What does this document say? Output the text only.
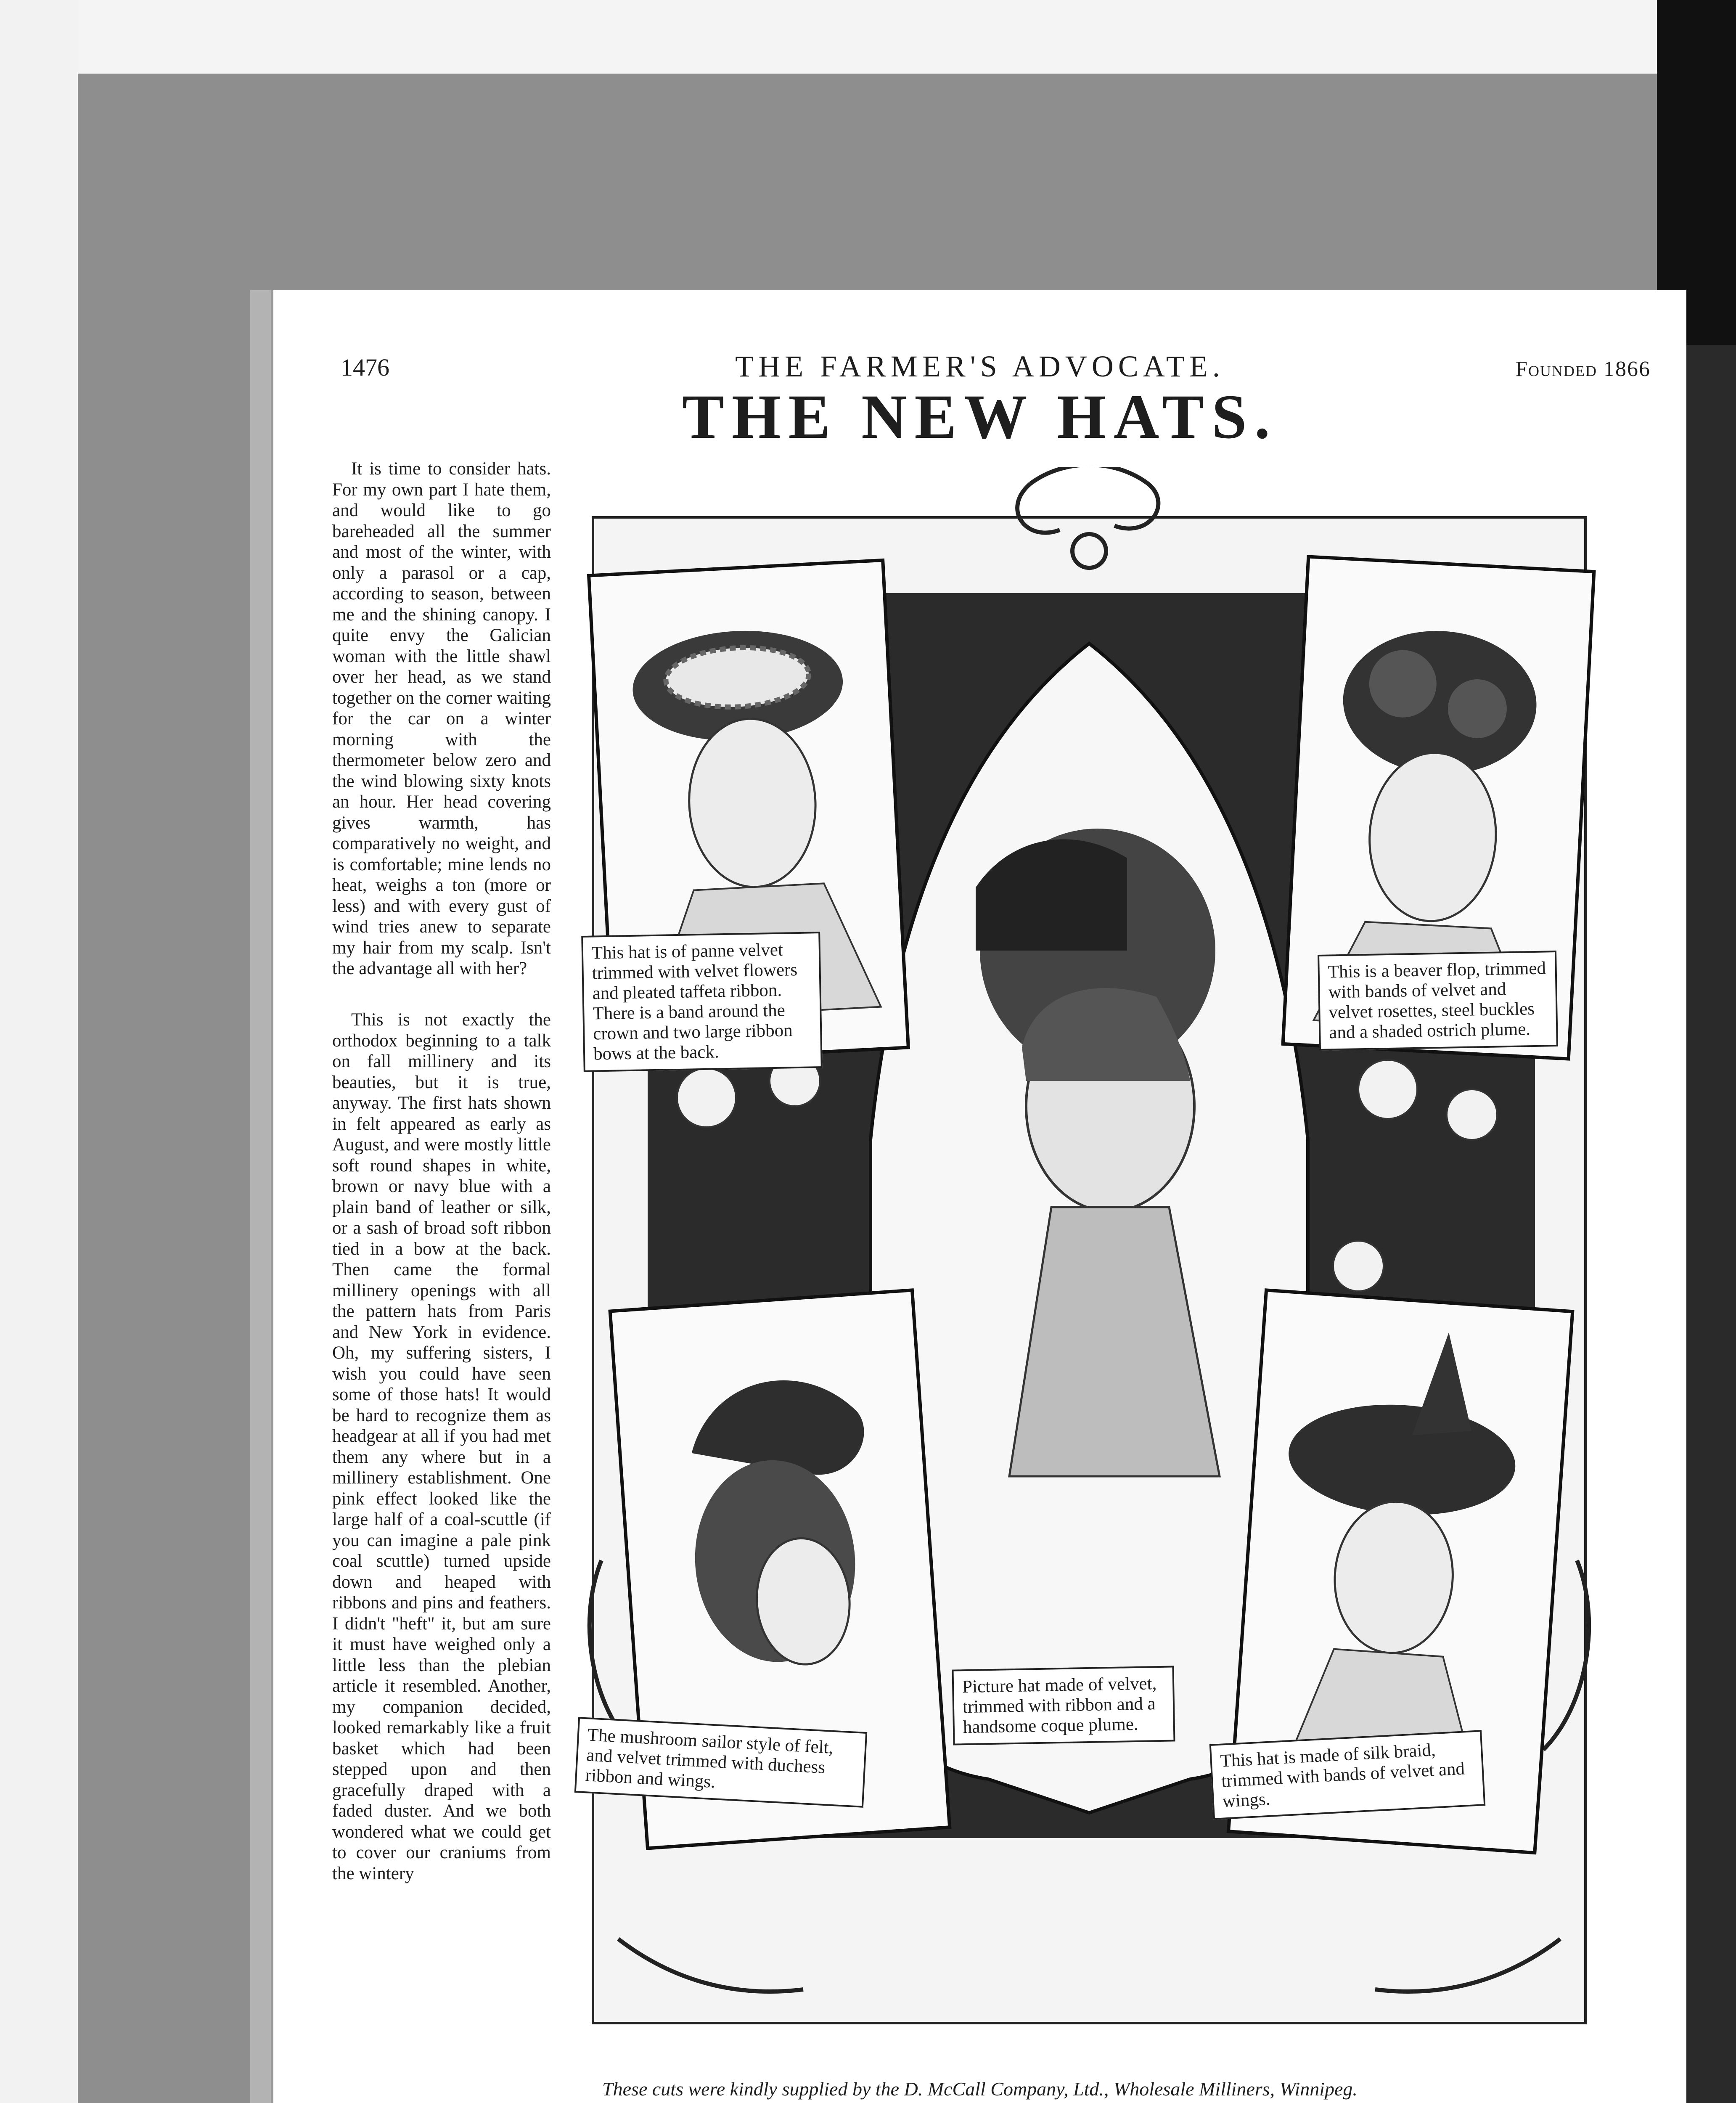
1476	THE FARMER'S ADVOCATE.	Founded 1866
THE NEW HATS.
It is time to consider hats. For my own part I hate them, and would like to go bareheaded all the summer and most of the winter, with only a parasol or a cap, according to season, between me and the shining canopy. I quite envy the Galician woman with the little shawl over her head, as we stand together on the corner waiting for the car on a winter morning with the thermometer below zero and the wind blowing sixty knots an hour. Her head covering gives warmth, has comparatively no weight, and is comfortable; mine lends no heat, weighs a ton (more or less) and with every gust of wind tries anew to separate my hair from my scalp. Isn't the advantage all with her?
This is not exactly the orthodox beginning to a talk on fall millinery and its beauties, but it is true, anyway. The first hats shown in felt appeared as early as August, and were mostly little soft round shapes in white, brown or navy blue with a plain band of leather or silk, or a sash of broad soft ribbon tied in a bow at the back. Then came the formal millinery openings with all the pattern hats from Paris and New York in evidence. Oh, my suffering sisters, I wish you could have seen some of those hats! It would be hard to recognize them as headgear at all if you had met them any where but in a millinery establishment. One pink effect looked like the large half of a coal-scuttle (if you can imagine a pale pink coal scuttle) turned upside down and heaped with ribbons and pins and feathers. I didn't "heft" it, but am sure it must have weighed only a little less than the plebian article it resembled. Another, my companion decided, looked remarkably like a fruit basket which had been stepped upon and then gracefully draped with a faded duster. And we both wondered what we could get to cover our craniums from the wintery
This hat is of panne velvet trimmed with velvet flowers and pleated taffeta ribbon. There is a band around the crown and two large ribbon bows at the back.
This is a beaver flop, trimmed with bands of velvet and velvet rosettes, steel buckles and a shaded ostrich plume.
Picture hat made of velvet, trimmed with ribbon and a handsome coque plume.
The mushroom sailor style of felt, and velvet trimmed with duchess ribbon and wings.
This hat is made of silk braid, trimmed with bands of velvet and wings.
These cuts were kindly supplied by the D. McCall Company, Ltd., Wholesale Milliners, Winnipeg.
